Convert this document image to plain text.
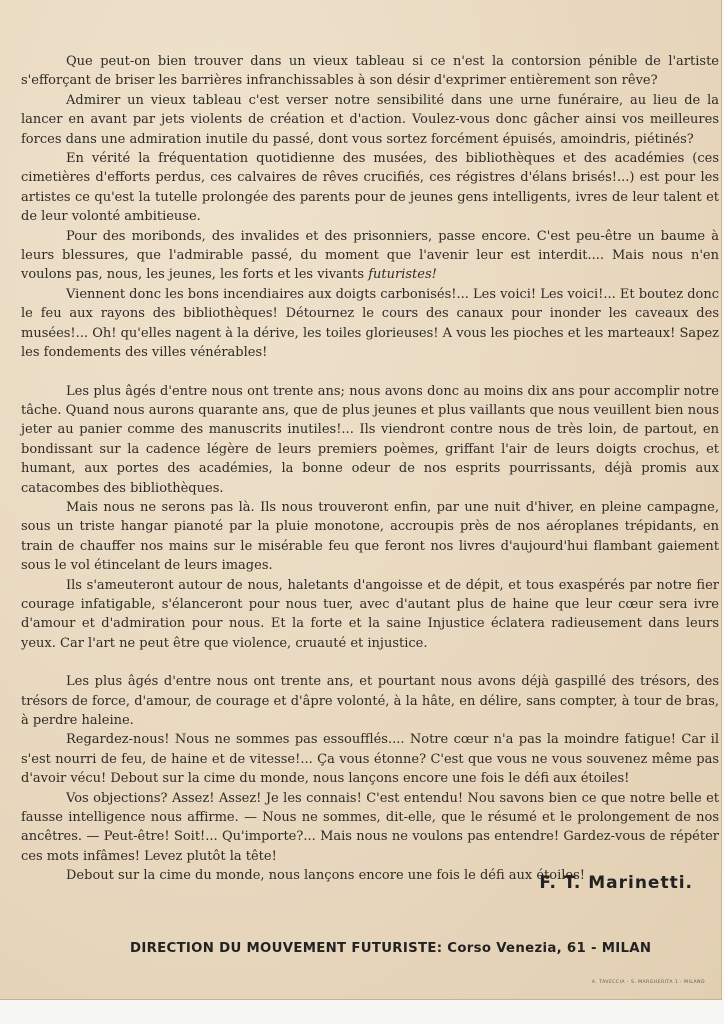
Que peut-on bien trouver dans un vieux tableau si ce n'est la contorsion pénible de l'artiste s'efforçant de briser les barrières infranchissables à son désir d'exprimer entièrement son rêve?

Admirer un vieux tableau c'est verser notre sensibilité dans une urne funéraire, au lieu de la lancer en avant par jets violents de création et d'action. Voulez-vous donc gâcher ainsi vos meilleures forces dans une admiration inutile du passé, dont vous sortez forcément épuisés, amoindris, piétinés?

En vérité la fréquentation quotidienne des musées, des bibliothèques et des académies (ces cimetières d'efforts perdus, ces calvaires de rêves crucifiés, ces régistres d'élans brisés!...) est pour les artistes ce qu'est la tutelle prolongée des parents pour de jeunes gens intelligents, ivres de leur talent et de leur volonté ambitieuse.

Pour des moribonds, des invalides et des prisonniers, passe encore. C'est peu-être un baume à leurs blessures, que l'admirable passé, du moment que l'avenir leur est interdit.... Mais nous n'en voulons pas, nous, les jeunes, les forts et les vivants futuristes!

Viennent donc les bons incendiaires aux doigts carbonisés!... Les voici! Les voici!... Et boutez donc le feu aux rayons des bibliothèques! Détournez le cours des canaux pour inonder les caveaux des musées!... Oh! qu'elles nagent à la dérive, les toiles glorieuses! A vous les pioches et les marteaux! Sapez les fondements des villes vénérables!

Les plus âgés d'entre nous ont trente ans; nous avons donc au moins dix ans pour accomplir notre tâche. Quand nous aurons quarante ans, que de plus jeunes et plus vaillants que nous veuillent bien nous jeter au panier comme des manuscrits inutiles!... Ils viendront contre nous de très loin, de partout, en bondissant sur la cadence légère de leurs premiers poèmes, griffant l'air de leurs doigts crochus, et humant, aux portes des académies, la bonne odeur de nos esprits pourrissants, déjà promis aux catacombes des bibliothèques.

Mais nous ne serons pas là. Ils nous trouveront enfin, par une nuit d'hiver, en pleine campagne, sous un triste hangar pianoté par la pluie monotone, accroupis près de nos aéroplanes trépidants, en train de chauffer nos mains sur le misérable feu que feront nos livres d'aujourd'hui flambant gaiement sous le vol étincelant de leurs images.

Ils s'ameuteront autour de nous, haletants d'angoisse et de dépit, et tous exaspérés par notre fier courage infatigable, s'élanceront pour nous tuer, avec d'autant plus de haine que leur cœur sera ivre d'amour et d'admiration pour nous. Et la forte et la saine Injustice éclatera radieusement dans leurs yeux. Car l'art ne peut être que violence, cruauté et injustice.

Les plus âgés d'entre nous ont trente ans, et pourtant nous avons déjà gaspillé des trésors, des trésors de force, d'amour, de courage et d'âpre volonté, à la hâte, en délire, sans compter, à tour de bras, à perdre haleine.

Regardez-nous! Nous ne sommes pas essoufflés.... Notre cœur n'a pas la moindre fatigue! Car il s'est nourri de feu, de haine et de vitesse!... Ça vous étonne? C'est que vous ne vous souvenez même pas d'avoir vécu! Debout sur la cime du monde, nous lançons encore une fois le défi aux étoiles!

Vos objections? Assez! Assez! Je les connais! C'est entendu! Nou savons bien ce que notre belle et fausse intelligence nous affirme. — Nous ne sommes, dit-elle, que le résumé et le prolongement de nos ancêtres. — Peut-être! Soit!... Qu'importe?... Mais nous ne voulons pas entendre! Gardez-vous de répéter ces mots infâmes! Levez plutôt la tête!

Debout sur la cime du monde, nous lançons encore une fois le défi aux étoiles!

F. T. Marinetti.
DIRECTION DU MOUVEMENT FUTURISTE: Corso Venezia, 61 - MILAN
A. TAVECCIA - S. MARGHERITA 1 - MILANO
